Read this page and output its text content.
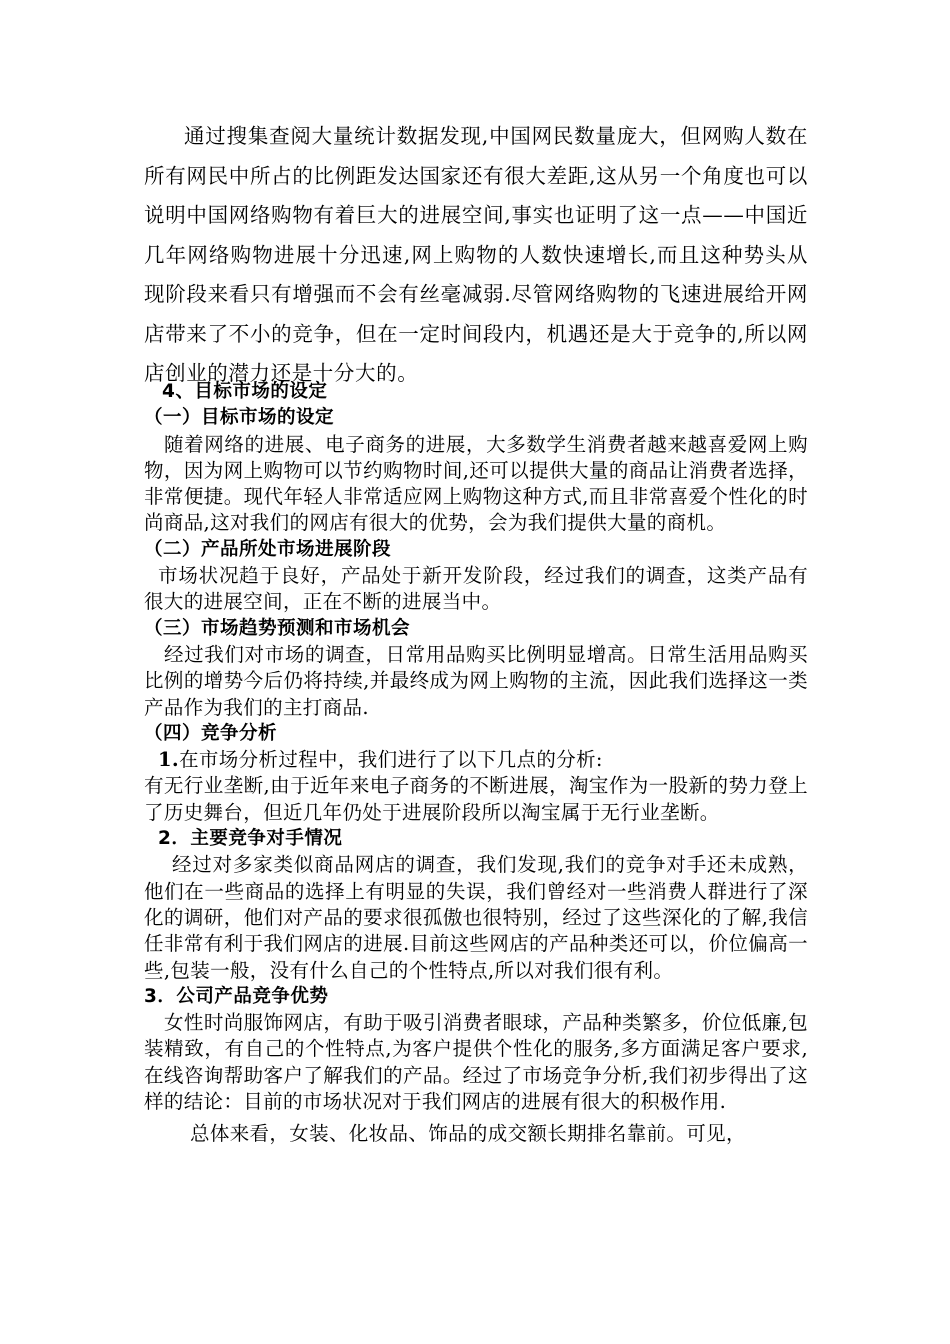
通过搜集查阅大量统计数据发现,中国网民数量庞大，但网购人数在所有网民中所占的比例距发达国家还有很大差距,这从另一个角度也可以说明中国网络购物有着巨大的进展空间,事实也证明了这一点——中国近几年网络购物进展十分迅速,网上购物的人数快速增长,而且这种势头从现阶段来看只有增强而不会有丝毫减弱.尽管网络购物的飞速进展给开网店带来了不小的竞争，但在一定时间段内，机遇还是大于竞争的,所以网店创业的潜力还是十分大的。

4、目标市场的设定

（一）目标市场的设定

随着网络的进展、电子商务的进展，大多数学生消费者越来越喜爱网上购物，因为网上购物可以节约购物时间,还可以提供大量的商品让消费者选择，非常便捷。现代年轻人非常适应网上购物这种方式,而且非常喜爱个性化的时尚商品,这对我们的网店有很大的优势，会为我们提供大量的商机。

（二）产品所处市场进展阶段

市场状况趋于良好，产品处于新开发阶段，经过我们的调查，这类产品有很大的进展空间，正在不断的进展当中。

（三）市场趋势预测和市场机会

经过我们对市场的调查，日常用品购买比例明显增高。日常生活用品购买比例的增势今后仍将持续,并最终成为网上购物的主流，因此我们选择这一类产品作为我们的主打商品.

（四）竞争分析

1.在市场分析过程中，我们进行了以下几点的分析:

有无行业垄断,由于近年来电子商务的不断进展，淘宝作为一股新的势力登上了历史舞台，但近几年仍处于进展阶段所以淘宝属于无行业垄断。

2．主要竞争对手情况

经过对多家类似商品网店的调查，我们发现,我们的竞争对手还未成熟，他们在一些商品的选择上有明显的失误，我们曾经对一些消费人群进行了深化的调研，他们对产品的要求很孤傲也很特别，经过了这些深化的了解,我信任非常有利于我们网店的进展.目前这些网店的产品种类还可以，价位偏高一些,包装一般，没有什么自己的个性特点,所以对我们很有利。

3．公司产品竞争优势

女性时尚服饰网店，有助于吸引消费者眼球，产品种类繁多，价位低廉,包装精致，有自己的个性特点,为客户提供个性化的服务,多方面满足客户要求,在线咨询帮助客户了解我们的产品。经过了市场竞争分析,我们初步得出了这样的结论：目前的市场状况对于我们网店的进展有很大的积极作用.

总体来看，女装、化妆品、饰品的成交额长期排名靠前。可见，
